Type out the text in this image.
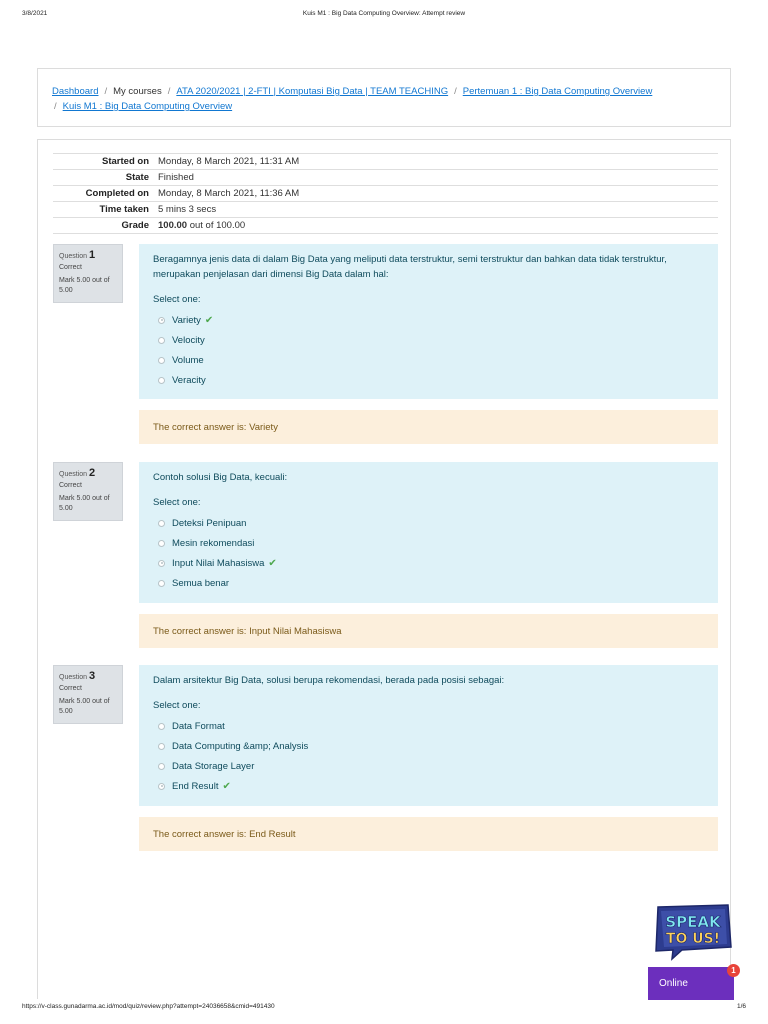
3/8/2021	Kuis M1 : Big Data Computing Overview: Attempt review
Dashboard / My courses / ATA 2020/2021 | 2-FTI | Komputasi Big Data | TEAM TEACHING / Pertemuan 1 : Big Data Computing Overview
/ Kuis M1 : Big Data Computing Overview
Started on	Monday, 8 March 2021, 11:31 AM
State	Finished
Completed on	Monday, 8 March 2021, 11:36 AM
Time taken	5 mins 3 secs
Grade	100.00 out of 100.00
Question 1
Correct
Mark 5.00 out of 5.00
Beragamnya jenis data di dalam Big Data yang meliputi data terstruktur, semi terstruktur dan bahkan data tidak terstruktur, merupakan penjelasan dari dimensi Big Data dalam hal:
Select one:
Variety ✔
Velocity
Volume
Veracity
The correct answer is: Variety
Question 2
Correct
Mark 5.00 out of 5.00
Contoh solusi Big Data, kecuali:
Select one:
Deteksi Penipuan
Mesin rekomendasi
Input Nilai Mahasiswa ✔
Semua benar
The correct answer is: Input Nilai Mahasiswa
Question 3
Correct
Mark 5.00 out of 5.00
Dalam arsitektur Big Data, solusi berupa rekomendasi, berada pada posisi sebagai:
Select one:
Data Format
Data Computing &amp; Analysis
Data Storage Layer
End Result ✔
The correct answer is: End Result
SPEAK
TO US!
Online
1
https://v-class.gunadarma.ac.id/mod/quiz/review.php?attempt=24036658&cmid=491430	1/6
